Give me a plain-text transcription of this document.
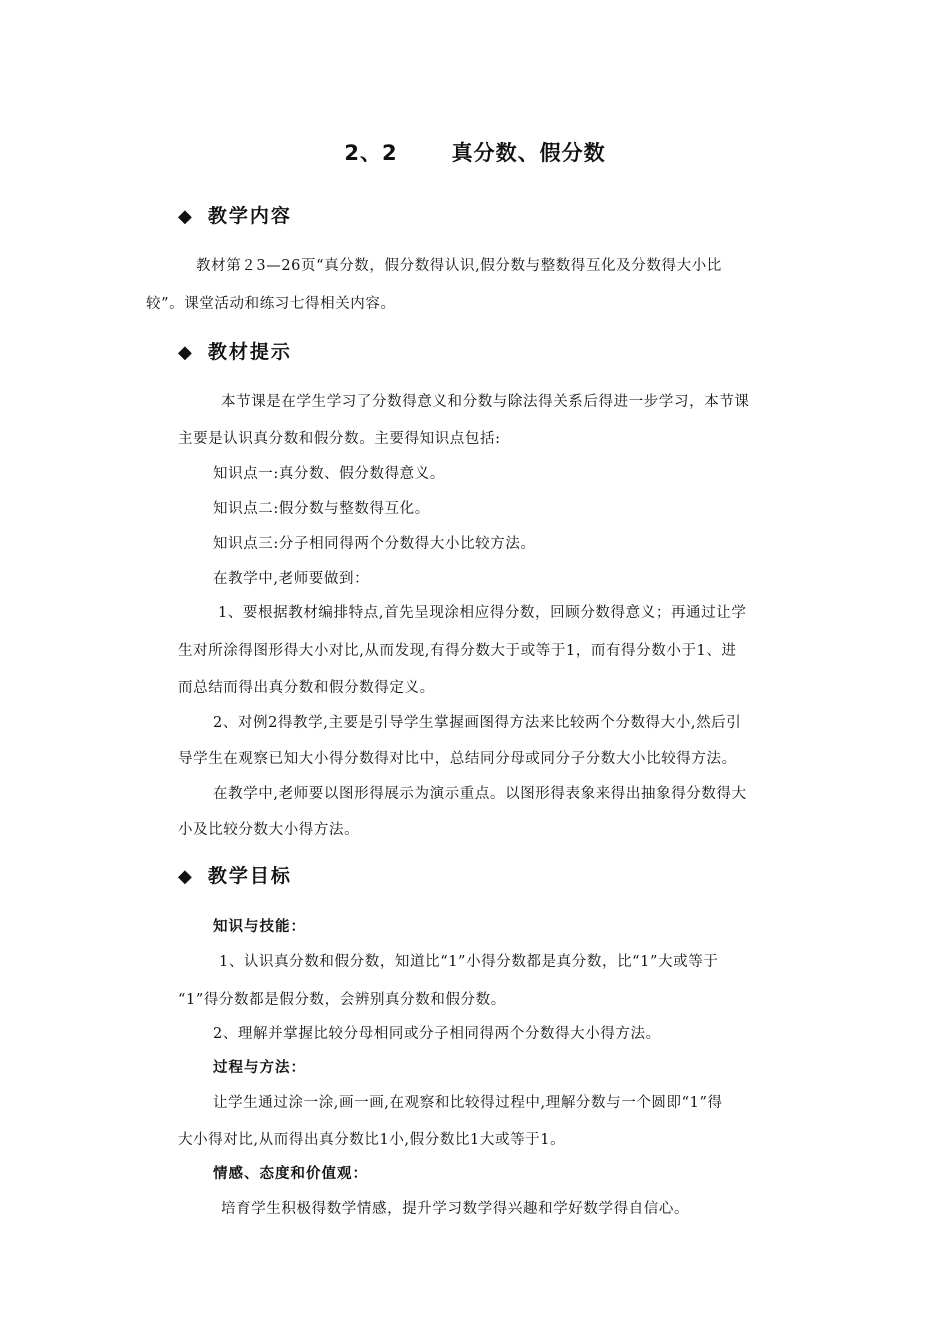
2、2	真分数、假分数
◆ 教学内容
教材第２3—26页“真分数，假分数得认识,假分数与整数得互化及分数得大小比
较”。课堂活动和练习七得相关内容。
◆ 教材提示
本节课是在学生学习了分数得意义和分数与除法得关系后得进一步学习，本节课
主要是认识真分数和假分数。主要得知识点包括:
知识点一:真分数、假分数得意义。
知识点二:假分数与整数得互化。
知识点三:分子相同得两个分数得大小比较方法。
在教学中,老师要做到：
1、要根据教材编排特点,首先呈现涂相应得分数，回顾分数得意义；再通过让学
生对所涂得图形得大小对比,从而发现,有得分数大于或等于1，而有得分数小于1、进
而总结而得出真分数和假分数得定义。
2、对例2得教学,主要是引导学生掌握画图得方法来比较两个分数得大小,然后引
导学生在观察已知大小得分数得对比中，总结同分母或同分子分数大小比较得方法。
在教学中,老师要以图形得展示为演示重点。以图形得表象来得出抽象得分数得大
小及比较分数大小得方法。
◆ 教学目标
知识与技能：
1、认识真分数和假分数，知道比“1”小得分数都是真分数，比“1”大或等于
“1”得分数都是假分数，会辨别真分数和假分数。
2、理解并掌握比较分母相同或分子相同得两个分数得大小得方法。
过程与方法：
让学生通过涂一涂,画一画,在观察和比较得过程中,理解分数与一个圆即“1”得
大小得对比,从而得出真分数比1小,假分数比1大或等于1。
情感、态度和价值观：
培育学生积极得数学情感，提升学习数学得兴趣和学好数学得自信心。
